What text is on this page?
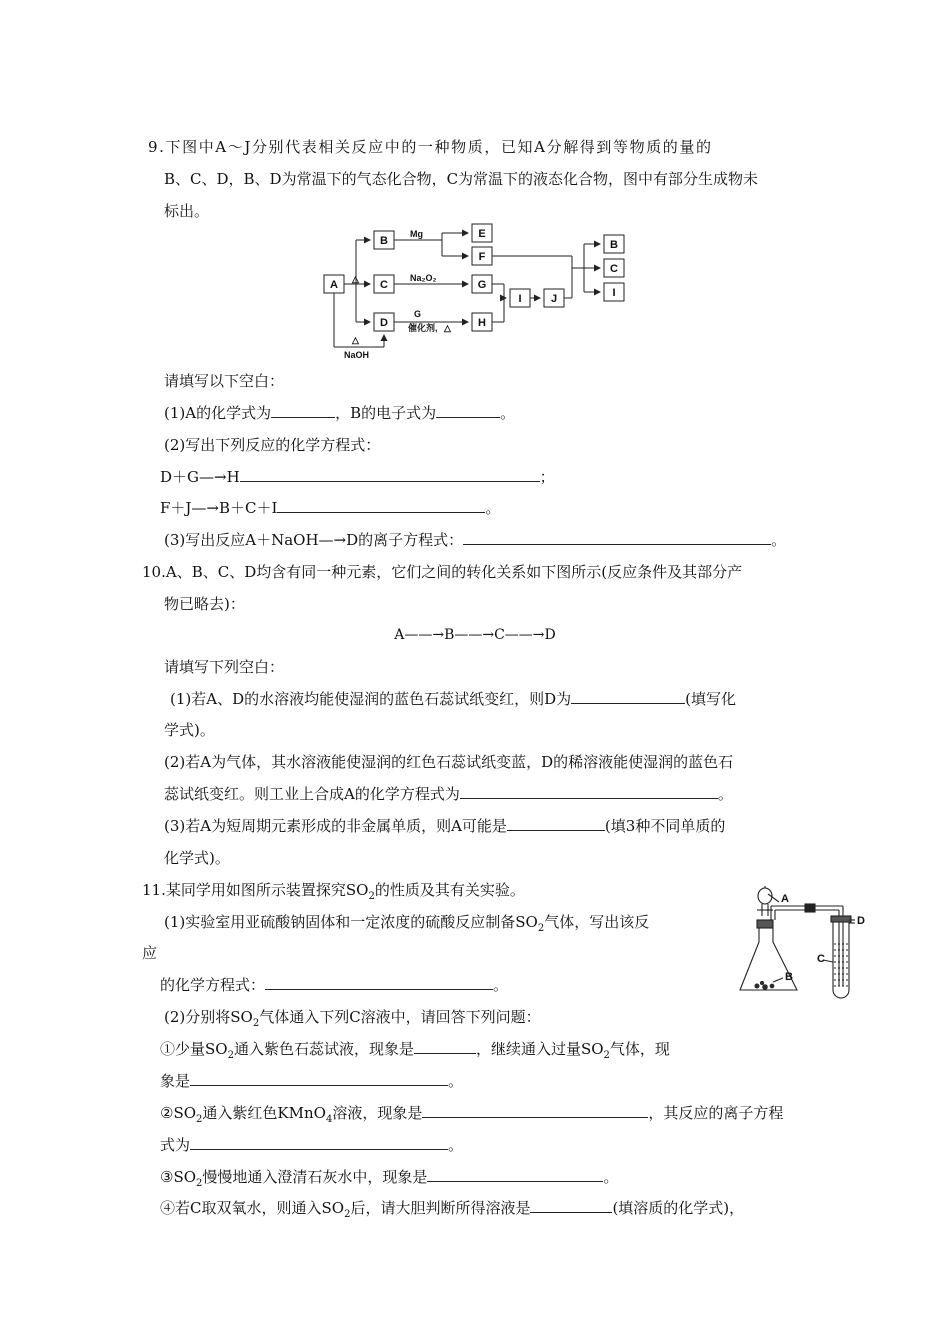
9.下图中A～J分别代表相关反应中的一种物质，已知A分解得到等物质的量的
B、C、D，B、D为常温下的气态化合物，C为常温下的液态化合物，图中有部分生成物未
标出。
A
B
C
D
E
F
G
H
I	J
B
C
I
Mg
Na₂O₂
G
催化剂, △
△
△
NaOH
请填写以下空白：
(1)A的化学式为	，B的电子式为	。
(2)写出下列反应的化学方程式：
D＋G—→H	；
F＋J—→B＋C＋I	。
(3)写出反应A＋NaOH—→D的离子方程式：	。
10.A、B、C、D均含有同一种元素，它们之间的转化关系如下图所示(反应条件及其部分产
物已略去)：
A——→B——→C——→D
请填写下列空白：
(1)若A、D的水溶液均能使湿润的蓝色石蕊试纸变红，则D为	(填写化
学式)。
(2)若A为气体，其水溶液能使湿润的红色石蕊试纸变蓝，D的稀溶液能使湿润的蓝色石
蕊试纸变红。则工业上合成A的化学方程式为	。
(3)若A为短周期元素形成的非金属单质，则A可能是	(填3种不同单质的
化学式)。
11.某同学用如图所示装置探究$SO_2$的性质及其有关实验。	A
B
C
D
(1)实验室用亚硫酸钠固体和一定浓度的硫酸反应制备$SO_2$气体，写出该反
应
的化学方程式：	。
(2)分别将$SO_2$气体通入下列C溶液中，请回答下列问题：
①少量$SO_2$通入紫色石蕊试液，现象是	，继续通入过量$SO_2$气体，现
象是	。
$②SO_2$通入紫红色KMnO$_4$溶液，现象是	，其反应的离子方程
式为	。
$③SO_2$慢慢地通入澄清石灰水中，现象是	。
④若C取双氧水，则通入$SO_2$后，请大胆判断所得溶液是	(填溶质的化学式)，
